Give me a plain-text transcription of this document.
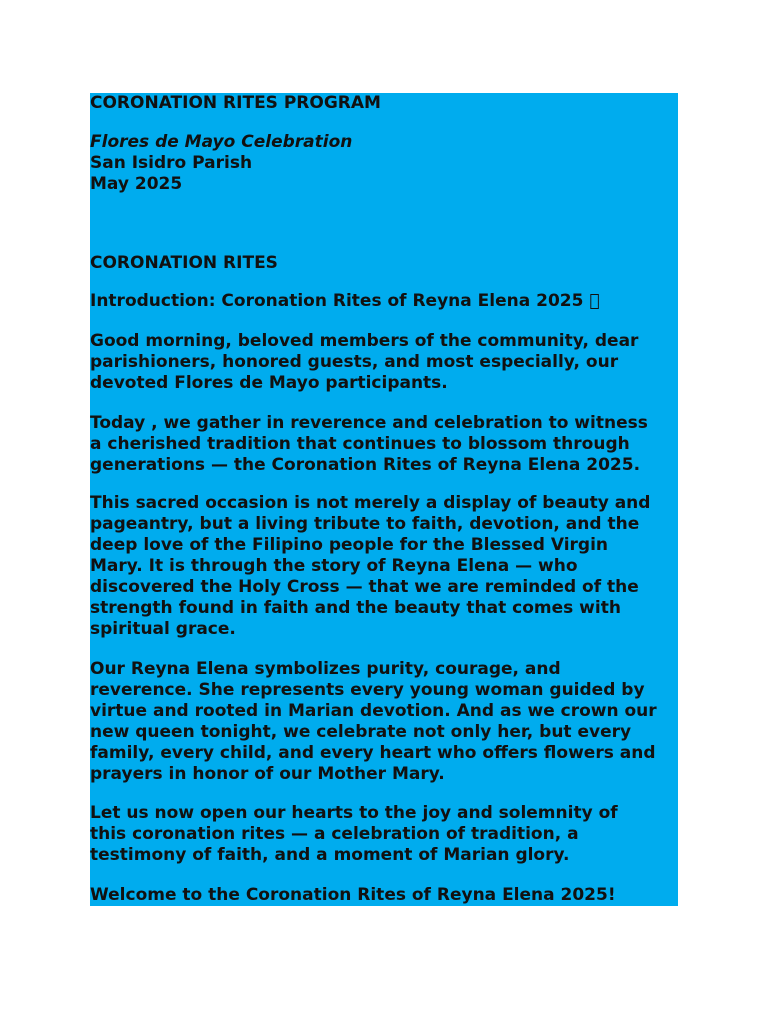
CORONATION RITES PROGRAM

Flores de Mayo Celebration

San Isidro Parish

May 2025

CORONATION RITES

Introduction: Coronation Rites of Reyna Elena 2025  

Good morning, beloved members of the community, dear
parishioners, honored guests, and most especially, our
devoted Flores de Mayo participants.

Today , we gather in reverence and celebration to witness
a cherished tradition that continues to blossom through
generations — the Coronation Rites of Reyna Elena 2025.

This sacred occasion is not merely a display of beauty and
pageantry, but a living tribute to faith, devotion, and the
deep love of the Filipino people for the Blessed Virgin
Mary. It is through the story of Reyna Elena — who
discovered the Holy Cross — that we are reminded of the
strength found in faith and the beauty that comes with
spiritual grace.

Our Reyna Elena symbolizes purity, courage, and
reverence. She represents every young woman guided by
virtue and rooted in Marian devotion. And as we crown our
new queen tonight, we celebrate not only her, but every
family, every child, and every heart who offers flowers and
prayers in honor of our Mother Mary.

Let us now open our hearts to the joy and solemnity of
this coronation rites — a celebration of tradition, a
testimony of faith, and a moment of Marian glory.

Welcome to the Coronation Rites of Reyna Elena 2025!
